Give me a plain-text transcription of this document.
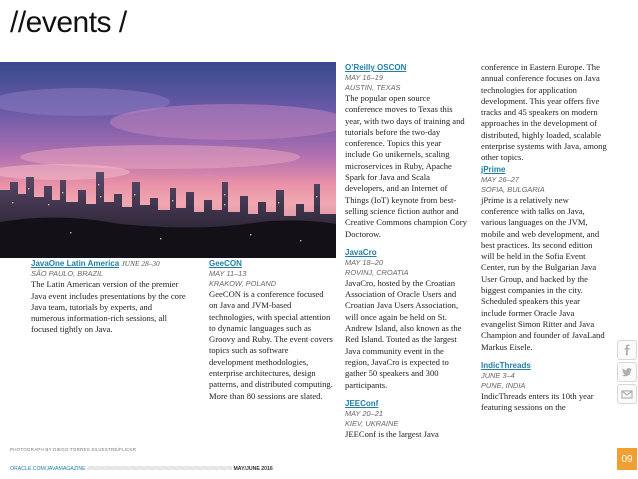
//events /
JavaOne Latin America JUNE 28–30
SÃO PAULO, BRAZIL

The Latin American version of the premier Java event includes presentations by the core Java team, tutorials by experts, and numerous information-rich sessions, all focused tightly on Java.

GeeCON
MAY 11–13
KRAKOW, POLAND

GeeCON is a conference focused on Java and JVM-based technologies, with special attention to dynamic languages such as Groovy and Ruby. The event covers topics such as software development methodologies, enterprise architectures, design patterns, and distributed computing. More than 80 sessions are slated.

O’Reilly OSCON
MAY 16–19
AUSTIN, TEXAS

The popular open source conference moves to Texas this year, with two days of training and tutorials before the two-day conference. Topics this year include Go unikernels, scaling microservices in Ruby, Apache Spark for Java and Scala developers, and an Internet of Things (IoT) keynote from best-selling science fiction author and Creative Commons champion Cory Doctorow.

JavaCro
MAY 18–20
ROVINJ, CROATIA

JavaCro, hosted by the Croatian Association of Oracle Users and Croatian Java Users Association, will once again be held on St. Andrew Island, also known as the Red Island. Touted as the largest Java community event in the region, JavaCro is expected to gather 50 speakers and 300 participants.

JEEConf
MAY 20–21
KIEV, UKRAINE

JEEConf is the largest Java

conference in Eastern Europe. The annual conference focuses on Java technologies for application development. This year offers five tracks and 45 speakers on modern approaches in the development of distributed, highly loaded, scalable enterprise systems with Java, among other topics.

jPrime
MAY 26–27
SOFIA, BULGARIA

jPrime is a relatively new conference with talks on Java, various languages on the JVM, mobile and web development, and best practices. Its second edition will be held in the Sofia Event Center, run by the Bulgarian Java User Group, and backed by the biggest companies in the city. Scheduled speakers this year include former Oracle Java evangelist Simon Ritter and Java Champion and founder of JavaLand Markus Eisele.

IndicThreads
JUNE 3–4
PUNE, INDIA

IndicThreads enters its 10th year featuring sessions on the

PHOTOGRAPH BY DIEGO TORRES SILVESTRE/FLICKR
ORACLE.COM/JAVAMAGAZINE /////////////////////////////////////////////////////////////////////////////////////////////////////////////////////////////// MAY/JUNE 2016
09
